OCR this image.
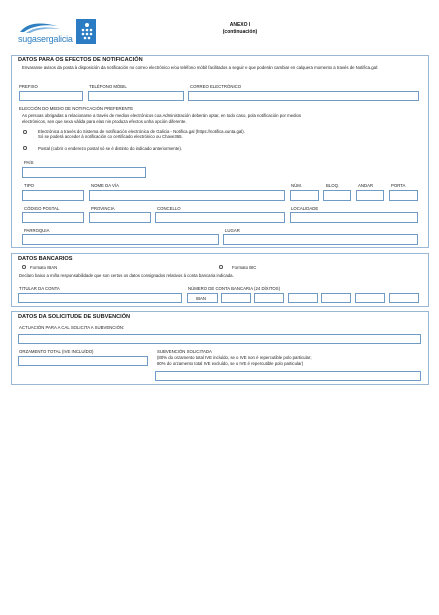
sugasergalicia
ANEXO I
(continuación)
DATOS PARA OS EFECTOS DE NOTIFICACIÓN
Envaranse avisos da posta à disposición da notificación no correo electrónico e/ou teléfono móbil facilitados a seguir e que poderán cambiar en calquera momento a través de Notifica.gal:
PREFIXO	TELÉFONO MÓBIL	CORREO ELECTRÓNICO
ELECCIÓN DO MEDIO DE NOTIFICACIÓN PREFERENTE
As persoas obrigadas a relacionarse a través de medios electrónicos coa Administración deberán optar, en todo caso, pola notificación por medios
electrónicos, sen que sexa válida para elas nin produza efectos unha opción diferente.
Electrónica a través do Sistema de notificación electrónica de Galicia - Notifica.gal (https://notifica.xunta.gal).
Só se poderá acceder á notificación co certificado electrónico ou Chave365.
Postal (cubrir o enderezo postal só se é distinto do indicado anteriormente).
PAÍS
TIPO	NOME DA VÍA	NÚM.	BLOQ.	ANDAR	PORTA
CÓDIGO POSTAL	PROVINCIA	CONCELLO	LOCALIDADE
PARROQUIA	LUGAR
DATOS BANCARIOS
Formato IBAN	Formato BIC
Declaro baixo a miña responsabilidade que son certos os datos consignados relativos á conta bancaria indicada.
TITULAR DA CONTA	NÚMERO DE CONTA BANCARIA (24 DÍXITOS)
IBAN
DATOS DA SOLICITUDE DE SUBVENCIÓN
ACTUACIÓN PARA A CAL SOLICITA A SUBVENCIÓN:
ORZAMENTO TOTAL (IVE INCLUÍDO)	SUBVENCIÓN SOLICITADA
(80% do orzamento total IVE incluído, se o IVE non é repercutible polo particular;
80% do orzamento total IVE excluído, se o IVE é repercutible polo particular)
